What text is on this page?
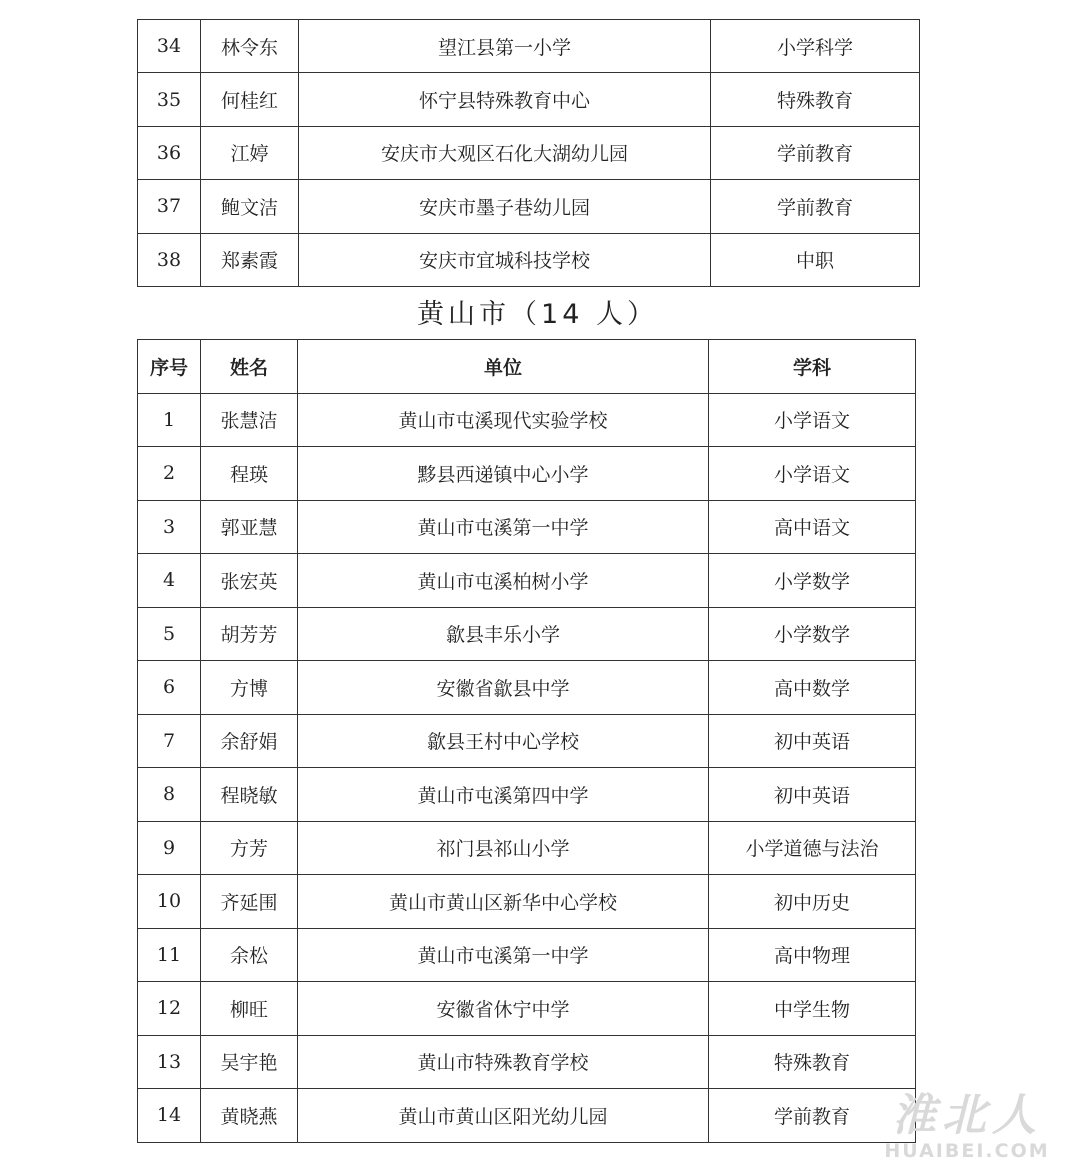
34	林令东	望江县第一小学	小学科学
35	何桂红	怀宁县特殊教育中心	特殊教育
36	江婷	安庆市大观区石化大湖幼儿园	学前教育
37	鲍文洁	安庆市墨子巷幼儿园	学前教育
38	郑素霞	安庆市宜城科技学校	中职
黄山市（14 人）
序号	姓名	单位	学科
1	张慧洁	黄山市屯溪现代实验学校	小学语文
2	程瑛	黟县西递镇中心小学	小学语文
3	郭亚慧	黄山市屯溪第一中学	高中语文
4	张宏英	黄山市屯溪柏树小学	小学数学
5	胡芳芳	歙县丰乐小学	小学数学
6	方博	安徽省歙县中学	高中数学
7	余舒娟	歙县王村中心学校	初中英语
8	程晓敏	黄山市屯溪第四中学	初中英语
9	方芳	祁门县祁山小学	小学道德与法治
10	齐延围	黄山市黄山区新华中心学校	初中历史
11	余松	黄山市屯溪第一中学	高中物理
12	柳旺	安徽省休宁中学	中学生物
13	吴宇艳	黄山市特殊教育学校	特殊教育
14	黄晓燕	黄山市黄山区阳光幼儿园	学前教育 淮北人
HUAIBEI.COM
